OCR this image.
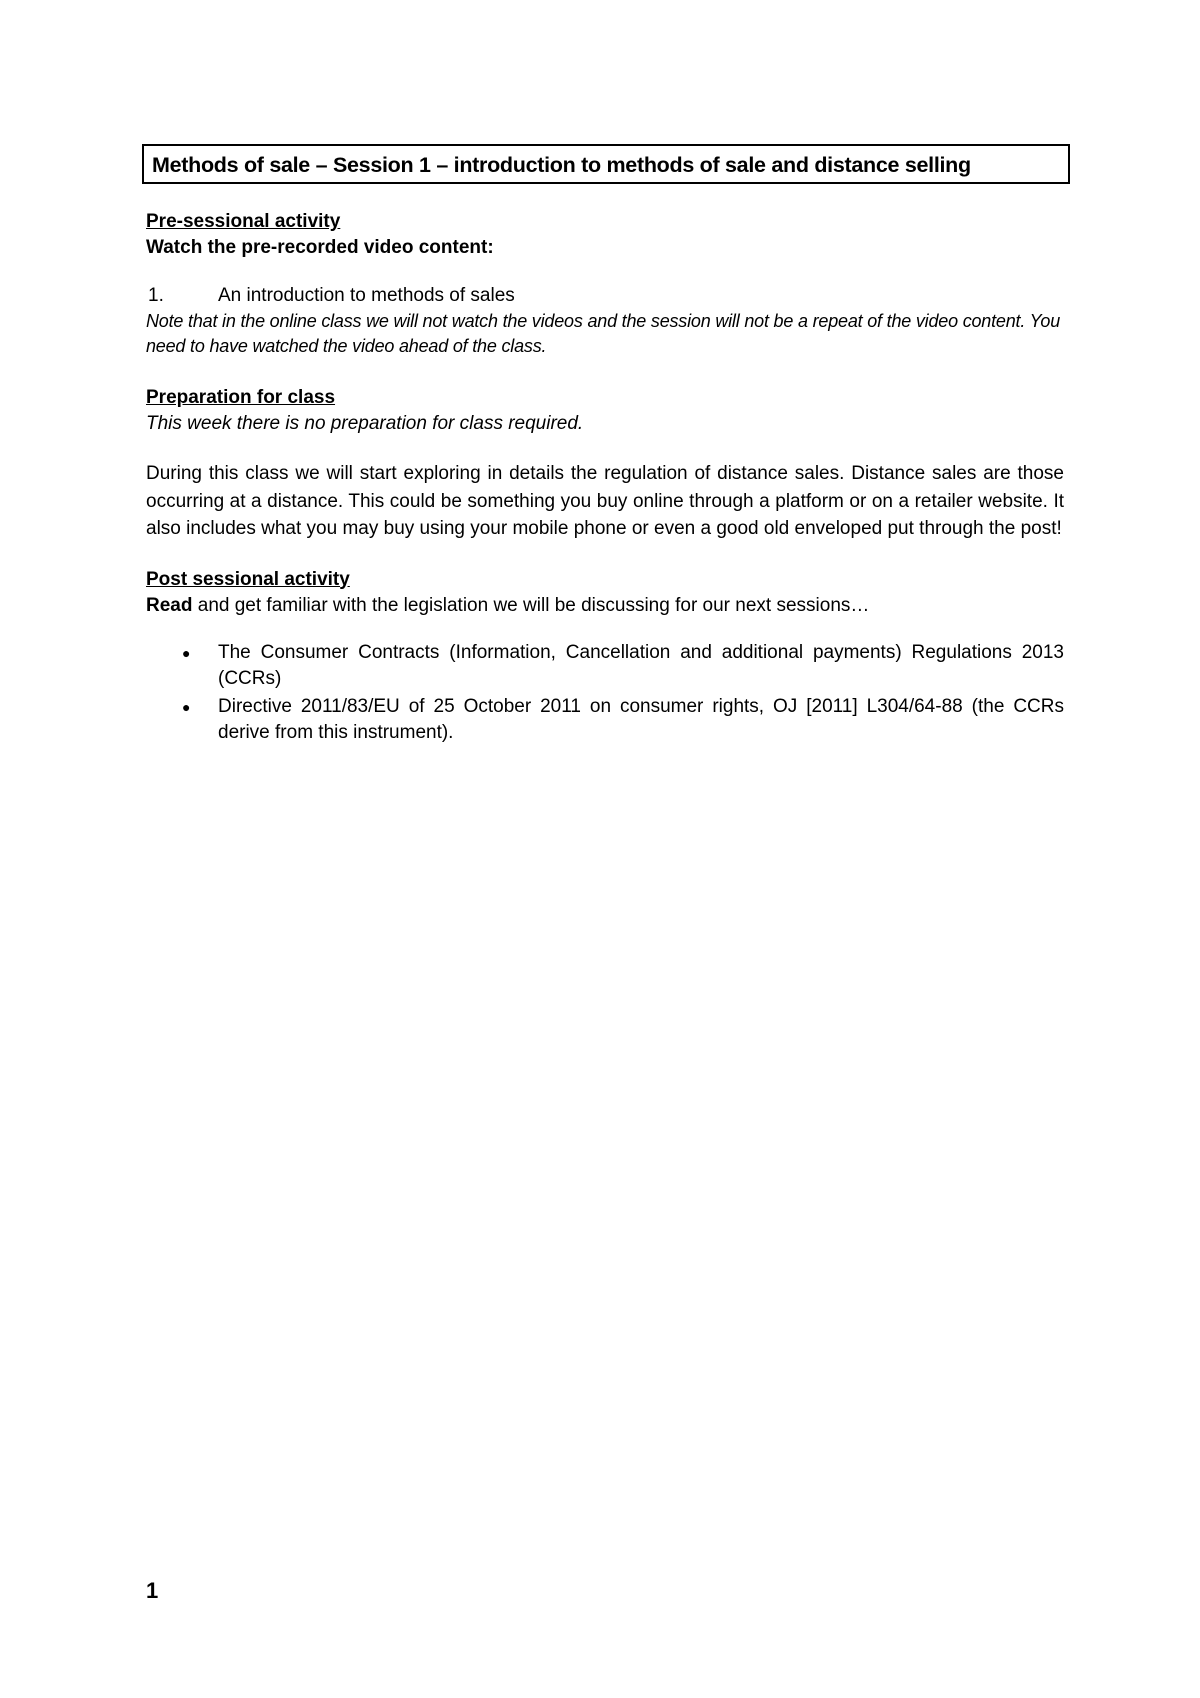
Methods of sale – Session 1 – introduction to methods of sale and distance selling

Pre-sessional activity

Watch the pre-recorded video content:

1.	An introduction to methods of sales

Note that in the online class we will not watch the videos and the session will not be a repeat of the video content. You need to have watched the video ahead of the class.

Preparation for class

This week there is no preparation for class required.

During this class we will start exploring in details the regulation of distance sales. Distance sales are those occurring at a distance. This could be something you buy online through a platform or on a retailer website. It also includes what you may buy using your mobile phone or even a good old enveloped put through the post!

Post sessional activity

Read and get familiar with the legislation we will be discussing for our next sessions…

●	The Consumer Contracts (Information, Cancellation and additional payments) Regulations 2013 (CCRs)
●	Directive 2011/83/EU of 25 October 2011 on consumer rights, OJ [2011] L304/64-88 (the CCRs derive from this instrument).
1
